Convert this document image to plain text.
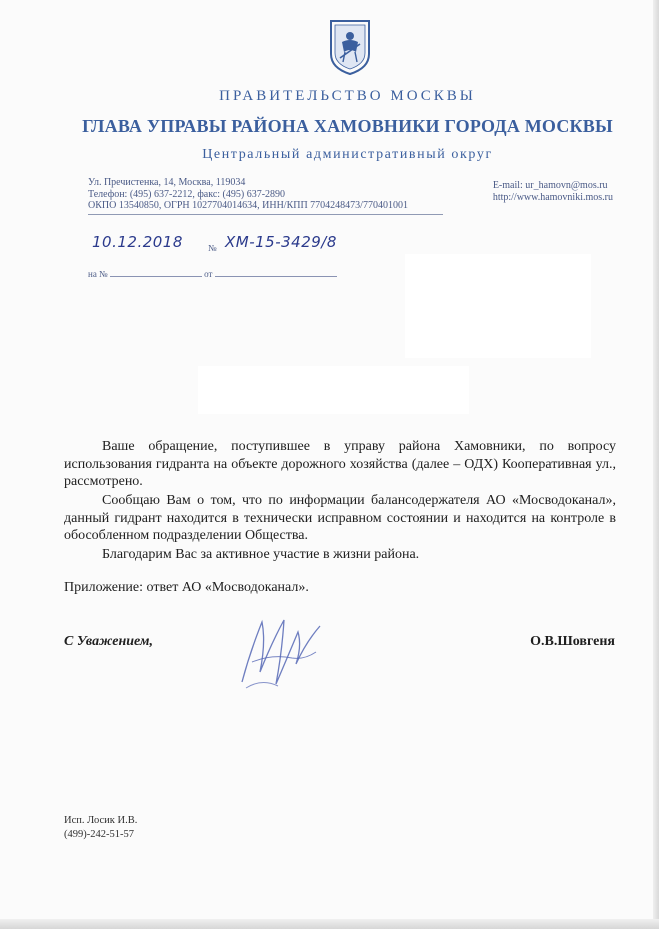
ПРАВИТЕЛЬСТВО МОСКВЫ
ГЛАВА УПРАВЫ РАЙОНА ХАМОВНИКИ ГОРОДА МОСКВЫ
Центральный административный округ
Ул. Пречистенка, 14, Москва, 119034
Телефон: (495) 637-2212, факс: (495) 637-2890
ОКПО 13540850, ОГРН 1027704014634, ИНН/КПП 7704248473/770401001
E-mail: ur_hamovn@mos.ru
http://www.hamovniki.mos.ru
10.12.2018	№ ХМ-15-3429/8
на №	от

Ваше обращение, поступившее в управу района Хамовники, по вопросу использования гидранта на объекте дорожного хозяйства (далее – ОДХ) Кооперативная ул., рассмотрено.

Сообщаю Вам о том, что по информации балансодержателя АО «Мосводоканал», данный гидрант находится в технически исправном состоянии и находится на контроле в обособленном подразделении Общества.

Благодарим Вас за активное участие в жизни района.

Приложение: ответ АО «Мосводоканал».
С Уважением,	О.В.Шовгеня
Исп. Лосик И.В.
(499)-242-51-57
